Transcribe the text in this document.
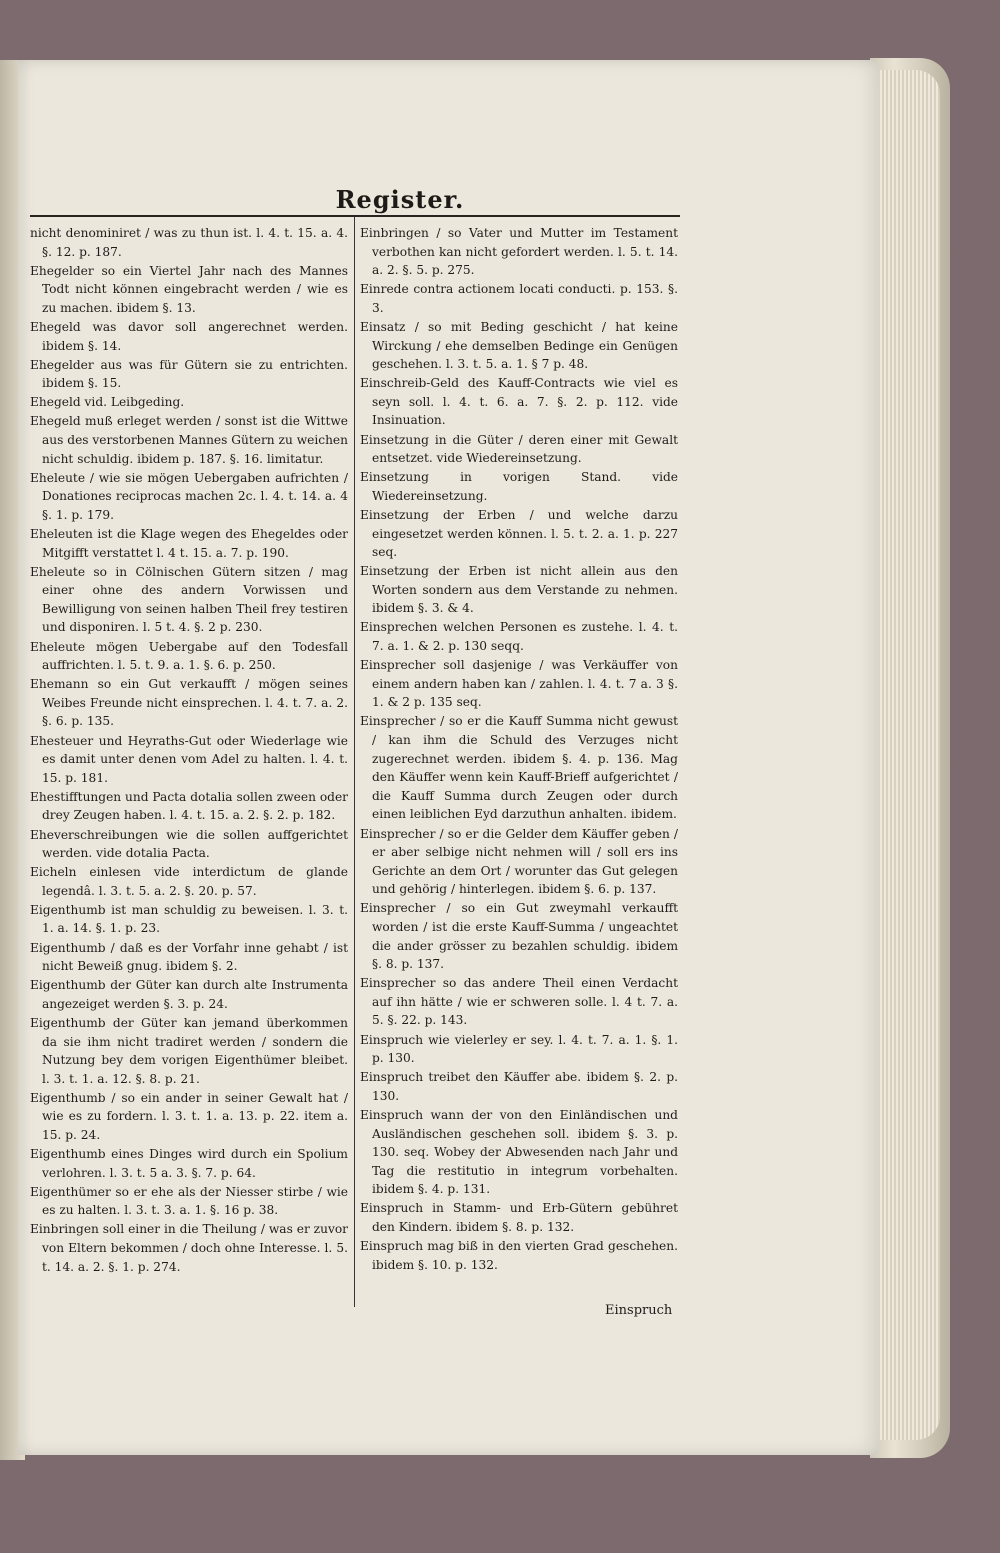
Register.

nicht denominiret / was zu thun ist. l. 4. t. 15. a. 4. §. 12. p. 187.

Ehegelder so ein Viertel Jahr nach des Mannes Todt nicht können eingebracht werden / wie es zu machen. ibidem §. 13.

Ehegeld was davor soll angerechnet werden. ibidem §. 14.

Ehegelder aus was für Gütern sie zu entrichten. ibidem §. 15.

Ehegeld vid. Leibgeding.

Ehegeld muß erleget werden / sonst ist die Wittwe aus des verstorbenen Mannes Gütern zu weichen nicht schuldig. ibidem p. 187. §. 16. limitatur.

Eheleute / wie sie mögen Uebergaben aufrichten / Donationes reciprocas machen 2c. l. 4. t. 14. a. 4 §. 1. p. 179.

Eheleuten ist die Klage wegen des Ehegeldes oder Mitgifft verstattet l. 4 t. 15. a. 7. p. 190.

Eheleute so in Cölnischen Gütern sitzen / mag einer ohne des andern Vorwissen und Bewilligung von seinen halben Theil frey testiren und disponiren. l. 5 t. 4. §. 2 p. 230.

Eheleute mögen Uebergabe auf den Todesfall auffrichten. l. 5. t. 9. a. 1. §. 6. p. 250.

Ehemann so ein Gut verkaufft / mögen seines Weibes Freunde nicht einsprechen. l. 4. t. 7. a. 2. §. 6. p. 135.

Ehesteuer und Heyraths-Gut oder Wiederlage wie es damit unter denen vom Adel zu halten. l. 4. t. 15. p. 181.

Ehestifftungen und Pacta dotalia sollen zween oder drey Zeugen haben. l. 4. t. 15. a. 2. §. 2. p. 182.

Eheverschreibungen wie die sollen auffgerichtet werden. vide dotalia Pacta.

Eicheln einlesen vide interdictum de glande legendâ. l. 3. t. 5. a. 2. §. 20. p. 57.

Eigenthumb ist man schuldig zu beweisen. l. 3. t. 1. a. 14. §. 1. p. 23.

Eigenthumb / daß es der Vorfahr inne gehabt / ist nicht Beweiß gnug. ibidem §. 2.

Eigenthumb der Güter kan durch alte Instrumenta angezeiget werden §. 3. p. 24.

Eigenthumb der Güter kan jemand überkommen da sie ihm nicht tradiret werden / sondern die Nutzung bey dem vorigen Eigenthümer bleibet. l. 3. t. 1. a. 12. §. 8. p. 21.

Eigenthumb / so ein ander in seiner Gewalt hat / wie es zu fordern. l. 3. t. 1. a. 13. p. 22. item a. 15. p. 24.

Eigenthumb eines Dinges wird durch ein Spolium verlohren. l. 3. t. 5 a. 3. §. 7. p. 64.

Eigenthümer so er ehe als der Niesser stirbe / wie es zu halten. l. 3. t. 3. a. 1. §. 16 p. 38.

Einbringen soll einer in die Theilung / was er zuvor von Eltern bekommen / doch ohne Interesse. l. 5. t. 14. a. 2. §. 1. p. 274.

Einbringen / so Vater und Mutter im Testament verbothen kan nicht gefordert werden. l. 5. t. 14. a. 2. §. 5. p. 275.

Einrede contra actionem locati conducti. p. 153. §. 3.

Einsatz / so mit Beding geschicht / hat keine Wirckung / ehe demselben Bedinge ein Genügen geschehen. l. 3. t. 5. a. 1. § 7 p. 48.

Einschreib-Geld des Kauff-Contracts wie viel es seyn soll. l. 4. t. 6. a. 7. §. 2. p. 112. vide Insinuation.

Einsetzung in die Güter / deren einer mit Gewalt entsetzet. vide Wiedereinsetzung.

Einsetzung in vorigen Stand. vide Wiedereinsetzung.

Einsetzung der Erben / und welche darzu eingesetzet werden können. l. 5. t. 2. a. 1. p. 227 seq.

Einsetzung der Erben ist nicht allein aus den Worten sondern aus dem Verstande zu nehmen. ibidem §. 3. & 4.

Einsprechen welchen Personen es zustehe. l. 4. t. 7. a. 1. & 2. p. 130 seqq.

Einsprecher soll dasjenige / was Verkäuffer von einem andern haben kan / zahlen. l. 4. t. 7 a. 3 §. 1. & 2 p. 135 seq.

Einsprecher / so er die Kauff Summa nicht gewust / kan ihm die Schuld des Verzuges nicht zugerechnet werden. ibidem §. 4. p. 136. Mag den Käuffer wenn kein Kauff-Brieff aufgerichtet / die Kauff Summa durch Zeugen oder durch einen leiblichen Eyd darzuthun anhalten. ibidem.

Einsprecher / so er die Gelder dem Käuffer geben / er aber selbige nicht nehmen will / soll ers ins Gerichte an dem Ort / worunter das Gut gelegen und gehörig / hinterlegen. ibidem §. 6. p. 137.

Einsprecher / so ein Gut zweymahl verkaufft worden / ist die erste Kauff-Summa / ungeachtet die ander grösser zu bezahlen schuldig. ibidem §. 8. p. 137.

Einsprecher so das andere Theil einen Verdacht auf ihn hätte / wie er schweren solle. l. 4 t. 7. a. 5. §. 22. p. 143.

Einspruch wie vielerley er sey. l. 4. t. 7. a. 1. §. 1. p. 130.

Einspruch treibet den Käuffer abe. ibidem §. 2. p. 130.

Einspruch wann der von den Einländischen und Ausländischen geschehen soll. ibidem §. 3. p. 130. seq. Wobey der Abwesenden nach Jahr und Tag die restitutio in integrum vorbehalten. ibidem §. 4. p. 131.

Einspruch in Stamm- und Erb-Gütern gebühret den Kindern. ibidem §. 8. p. 132.

Einspruch mag biß in den vierten Grad geschehen. ibidem §. 10. p. 132.

Einspruch
